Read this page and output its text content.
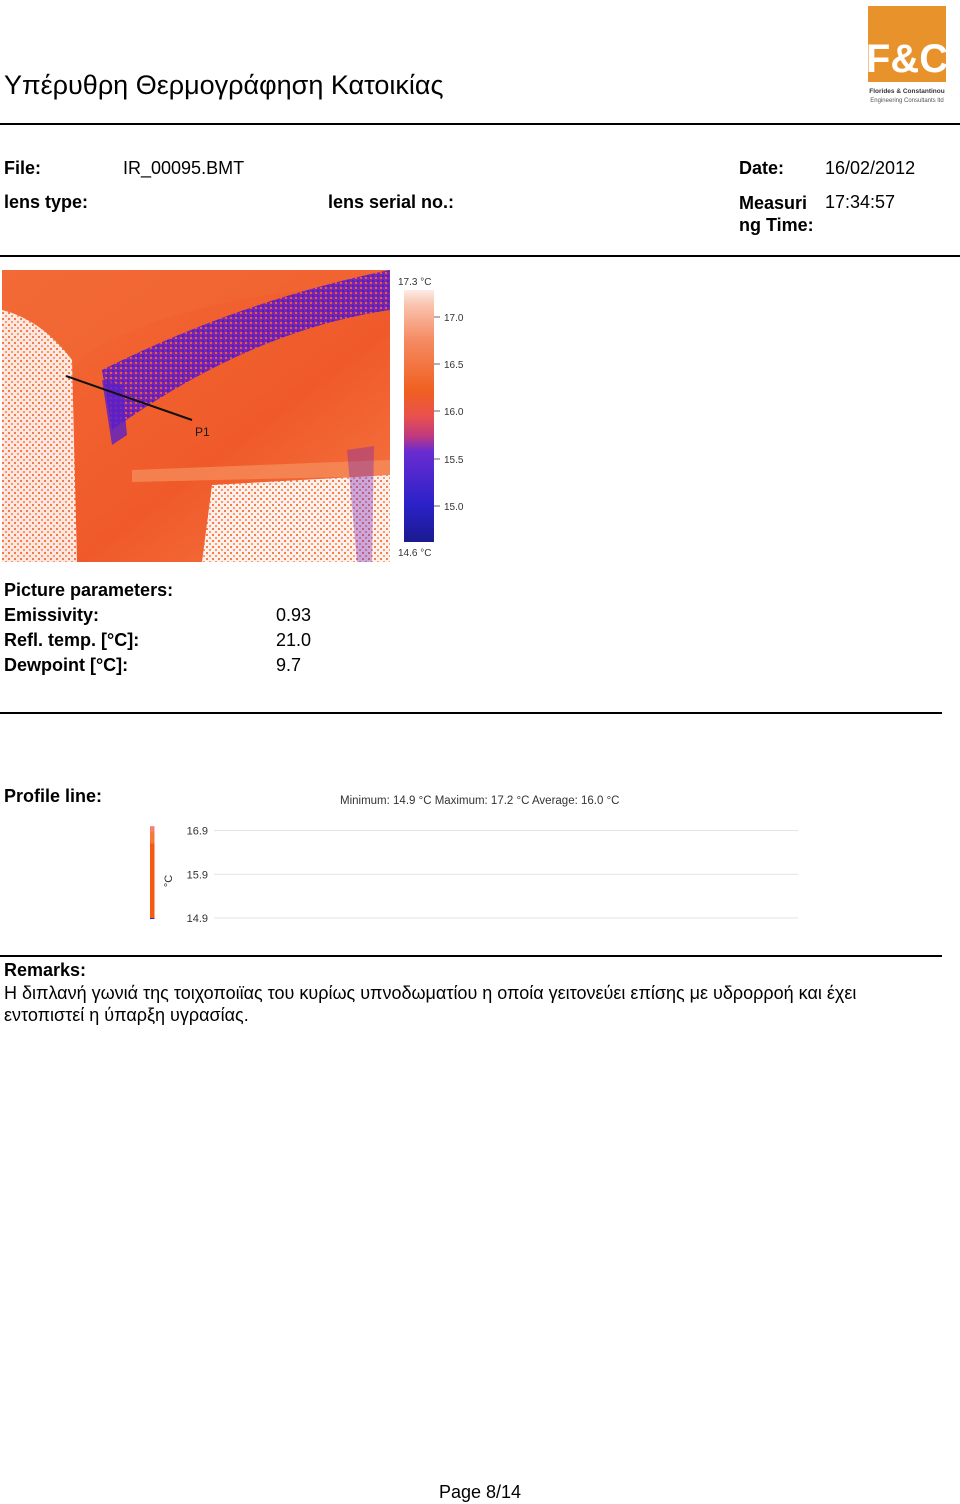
Υπέρυθρη Θερμογράφηση Κατοικίας
F&C
Florides & Constantinou
Engineering Consultants ltd
File:	IR_00095.BMT	Date: 16/02/2012
lens type:	lens serial no.:	Measuri
ng Time:
17:34:57
P1
17.3 °C
14.6 °C
17.0
16.5
16.0
15.5
15.0
Picture parameters:
Emissivity:	0.93
Refl. temp. [°C]:	21.0
Dewpoint [°C]:	9.7
Profile line:	Minimum: 14.9 °C Maximum: 17.2 °C Average: 16.0 °C
°C
16.9
15.9
14.9
Remarks:
Η διπλανή γωνιά της τοιχοποιϊας του κυρίως υπνοδωματίου η οποία γειτονεύει επίσης με υδρορροή και έχει εντοπιστεί η ύπαρξη υγρασίας.
Page 8/14
